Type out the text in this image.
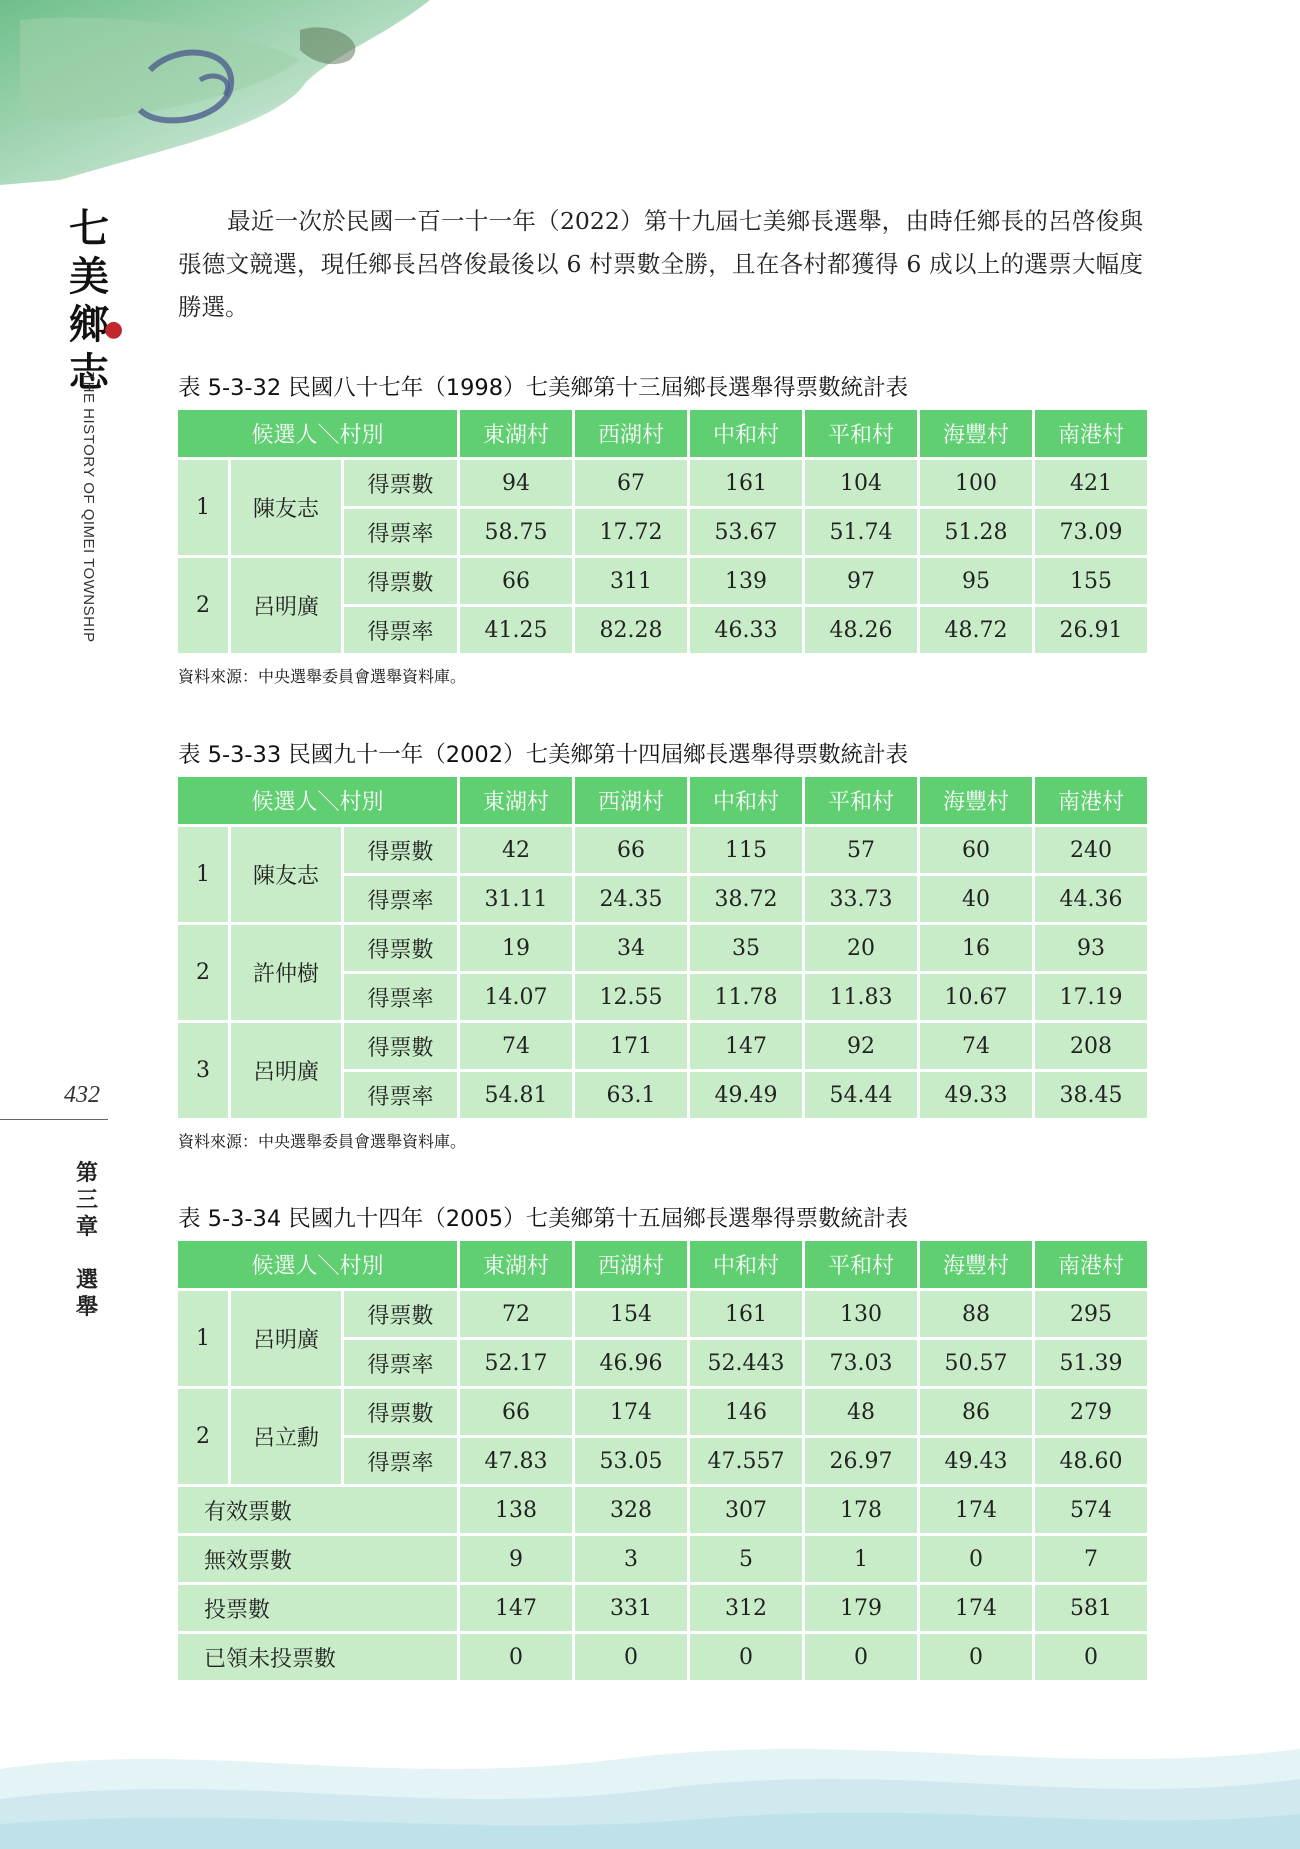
七
美
鄉
志
●
THE HISTORY OF QIMEI TOWNSHIP
432
第
三
章
選
舉

最近一次於民國一百一十一年（2022）第十九屆七美鄉長選舉，由時任鄉長的呂啓俊與張德文競選，現任鄉長呂啓俊最後以 6 村票數全勝，且在各村都獲得 6 成以上的選票大幅度勝選。

表 5-3-32 民國八十七年（1998）七美鄉第十三屆鄉長選舉得票數統計表
候選人＼村別			東湖村	西湖村	中和村	平和村	海豐村	南港村
1	陳友志	得票數	94	67	161	104	100	421
		得票率	58.75	17.72	53.67	51.74	51.28	73.09
2	呂明廣	得票數	66	311	139	97	95	155
		得票率	41.25	82.28	46.33	48.26	48.72	26.91
資料來源：中央選舉委員會選舉資料庫。
表 5-3-33 民國九十一年（2002）七美鄉第十四屆鄉長選舉得票數統計表
候選人＼村別			東湖村	西湖村	中和村	平和村	海豐村	南港村
1	陳友志	得票數	42	66	115	57	60	240
		得票率	31.11	24.35	38.72	33.73	40	44.36
2	許仲樹	得票數	19	34	35	20	16	93
		得票率	14.07	12.55	11.78	11.83	10.67	17.19
3	呂明廣	得票數	74	171	147	92	74	208
		得票率	54.81	63.1	49.49	54.44	49.33	38.45
資料來源：中央選舉委員會選舉資料庫。
表 5-3-34 民國九十四年（2005）七美鄉第十五屆鄉長選舉得票數統計表
候選人＼村別			東湖村	西湖村	中和村	平和村	海豐村	南港村
1	呂明廣	得票數	72	154	161	130	88	295
		得票率	52.17	46.96	52.443	73.03	50.57	51.39
2	呂立勳	得票數	66	174	146	48	86	279
		得票率	47.83	53.05	47.557	26.97	49.43	48.60
有效票數			138	328	307	178	174	574
無效票數			9	3	5	1	0	7
投票數			147	331	312	179	174	581
已領未投票數			0	0	0	0	0	0
